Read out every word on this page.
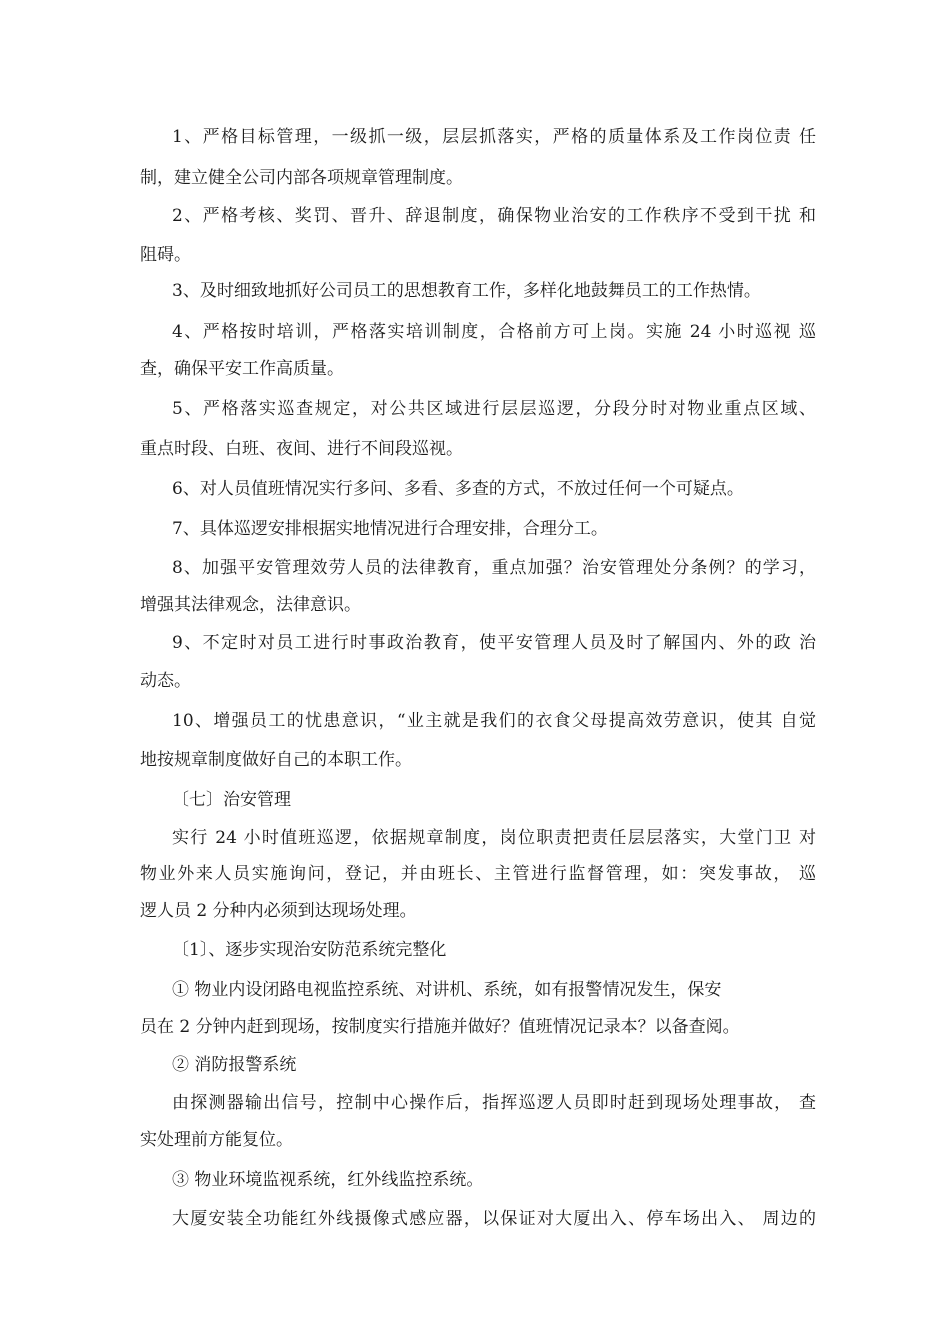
1、严格目标管理，一级抓一级，层层抓落实，严格的质量体系及工作岗位责 任
制，建立健全公司内部各项规章管理制度。
2、严格考核、奖罚、晋升、辞退制度，确保物业治安的工作秩序不受到干扰 和
阻碍。
3、及时细致地抓好公司员工的思想教育工作，多样化地鼓舞员工的工作热情。
4、严格按时培训，严格落实培训制度，合格前方可上岗。实施 24 小时巡视 巡
查，确保平安工作高质量。
5、严格落实巡查规定，对公共区域进行层层巡逻，分段分时对物业重点区域、
重点时段、白班、夜间、进行不间段巡视。
6、对人员值班情况实行多问、多看、多查的方式，不放过任何一个可疑点。
7、具体巡逻安排根据实地情况进行合理安排，合理分工。
8、加强平安管理效劳人员的法律教育，重点加强？治安管理处分条例？的学习，
增强其法律观念，法律意识。
9、不定时对员工进行时事政治教育，使平安管理人员及时了解国内、外的政 治
动态。
10、增强员工的忧患意识，“业主就是我们的衣食父母提高效劳意识，使其 自觉
地按规章制度做好自己的本职工作。
〔七〕治安管理
实行 24 小时值班巡逻，依据规章制度，岗位职责把责任层层落实，大堂门卫 对
物业外来人员实施询问，登记，并由班长、主管进行监督管理，如：突发事故， 巡
逻人员 2 分种内必须到达现场处理。
〔1〕、逐步实现治安防范系统完整化
① 物业内设闭路电视监控系统、对讲机、系统，如有报警情况发生，保安
员在 2 分钟内赶到现场，按制度实行措施并做好？值班情况记录本？以备查阅。
② 消防报警系统
由探测器输出信号，控制中心操作后，指挥巡逻人员即时赶到现场处理事故， 查
实处理前方能复位。
③ 物业环境监视系统，红外线监控系统。
大厦安装全功能红外线摄像式感应器，以保证对大厦出入、停车场出入、 周边的
